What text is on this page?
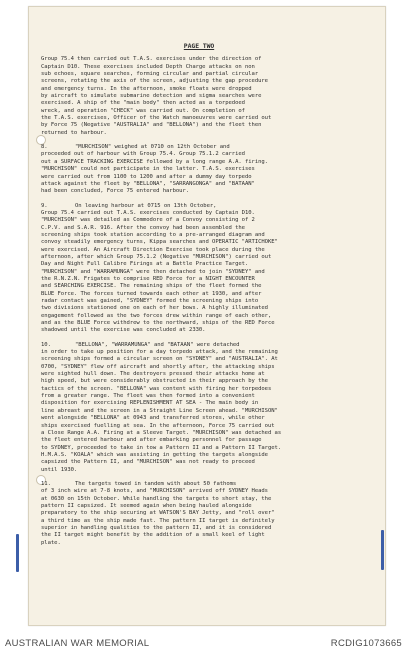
PAGE TWO
Group 75.4 then carried out T.A.S. exercises under the direction of
Captain D10. These exercises included Depth Charge attacks on non
sub echoes, square searches, forming circular and partial circular
screens, rotating the axis of the screen, adjusting the gap procedure
and emergency turns. In the afternoon, smoke floats were dropped
by aircraft to simulate submarine detection and sigma searches were
exercised. A ship of the "main body" then acted as a torpedoed
wreck, and operation "CHECK" was carried out. On completion of
the T.A.S. exercises, Officer of the Watch manoeuvres were carried out
by Force 75 (Negative "AUSTRALIA" and "BELLONA") and the fleet then
returned to harbour.
8.	"MURCHISON" weighed at 0710 on 12th October and
proceeded out of harbour with Group 75.4. Group 75.1.2 carried
out a SURFACE TRACKING EXERCISE followed by a long range A.A. firing.
"MURCHISON" could not participate in the latter. T.A.S. exercises
were carried out from 1100 to 1200 and after a dummy day torpedo
attack against the fleet by "BELLONA", "SARRANGONGA" and "BATAAN"
had been concluded, Force 75 entered harbour.
9.	On leaving harbour at 0715 on 13th October,
Group 75.4 carried out T.A.S. exercises conducted by Captain D10.
"MURCHISON" was detailed as Commodore of a Convoy consisting of 2
C.P.V. and S.A.R. 916. After the convoy had been assembled the
screening ships took station according to a pre-arranged diagram and
convoy steadily emergency turns, Kippa searches and OPERATIC "ARTICHOKE"
were exercised. An Aircraft Direction Exercise took place during the
afternoon, after which Group 75.1.2 (Negative "MURCHISON") carried out
Day and Night Full Calibre Firings at a Battle Practice Target.
"MURCHISON" and "WARRAMUNGA" were then detached to join "SYDNEY" and
the R.N.Z.N. Frigates to comprise RED Force for a NIGHT ENCOUNTER
and SEARCHING EXERCISE. The remaining ships of the fleet formed the
BLUE Force. The forces turned towards each other at 1930, and after
radar contact was gained, "SYDNEY" formed the screening ships into
two divisions stationed one on each of her bows. A highly illuminated
engagement followed as the two forces drew within range of each other,
and as the BLUE Force withdrew to the northward, ships of the RED Force
shadowed until the exercise was concluded at 2330.
10.	"BELLONA", "WARRAMUNGA" and "BATAAN" were detached
in order to take up position for a day torpedo attack, and the remaining
screening ships formed a circular screen on "SYDNEY" and "AUSTRALIA". At
0700, "SYDNEY" flew off aircraft and shortly after, the attacking ships
were sighted hull down. The destroyers pressed their attacks home at
high speed, but were considerably obstructed in their approach by the
tactics of the screen. "BELLONA" was content with firing her torpedoes
from a greater range. The fleet was then formed into a convenient
disposition for exercising REPLENISHMENT AT SEA - The main body in
line abreast and the screen in a Straight Line Screen ahead. "MURCHISON"
went alongside "BELLONA" at 0943 and transferred stores, while other
ships exercised fuelling at sea. In the afternoon, Force 75 carried out
a Close Range A.A. Firing at a Sleeve Target. "MURCHISON" was detached as
the fleet entered harbour and after embarking personnel for passage
to SYDNEY, proceeded to take in tow a Pattern II and a Pattern II Target.
H.M.A.S. "KOALA" which was assisting in getting the targets alongside
capsized the Pattern II, and "MURCHISON" was not ready to proceed
until 1930.
11.	The targets towed in tandem with about 50 fathoms
of 3 inch wire at 7-8 knots, and "MURCHISON" arrived off SYDNEY Heads
at 0630 on 15th October. While handling the targets to short stay, the
pattern II capsized. It seemed again when being hauled alongside
preparatory to the ship securing at WATSON'S BAY Jetty, and "roll over"
a third time as the ship made fast. The pattern II target is definitely
superior in handling qualities to the pattern II, and it is considered
the II target might benefit by the addition of a small keel of light
plate.
AUSTRALIAN WAR MEMORIAL	RCDIG1073665
